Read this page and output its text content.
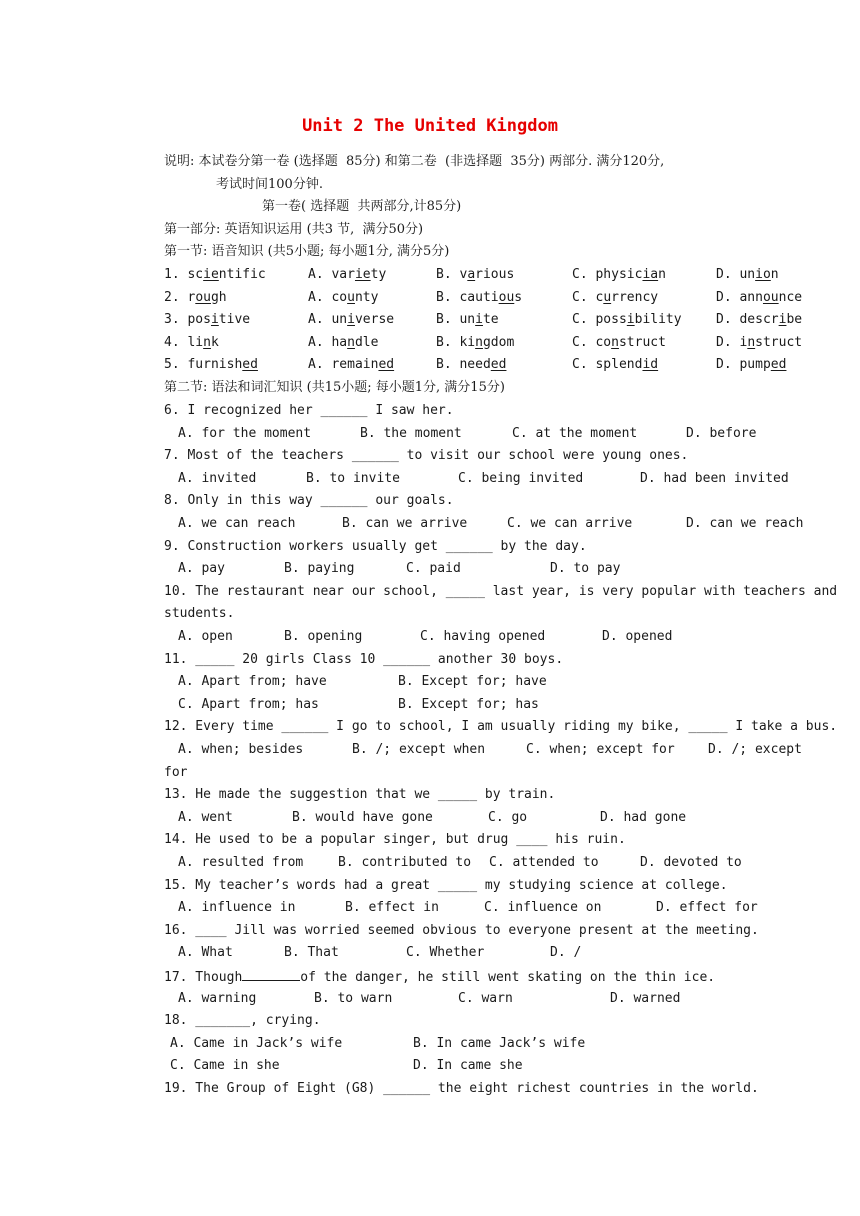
Unit 2 The United Kingdom
说明: 本试卷分第一卷 (选择题  85分) 和第二卷  (非选择题  35分) 两部分. 满分120分,
考试时间100分钟.
第一卷( 选择题  共两部分,计85分)
第一部分: 英语知识运用 (共3 节,  满分50分)
第一节: 语音知识 (共5小题; 每小题1分, 满分5分)
1. scientific	A. variety	B. various	C. physician	D. union
2. rough	A. county	B. cautious	C. currency	D. announce
3. positive	A. universe	B. unite	C. possibility	D. describe
4. link	A. handle	B. kingdom	C. construct	D. instruct
5. furnished	A. remained	B. needed	C. splendid	D. pumped
第二节: 语法和词汇知识 (共15小题; 每小题1分, 满分15分)
6. I recognized her ______ I saw her.
A. for the moment	B. the moment	C. at the moment	D. before
7. Most of the teachers ______ to visit our school were young ones.
A. invited	B. to invite	C. being invited	D. had been invited
8. Only in this way ______ our goals.
A. we can reach	B. can we arrive	C. we can arrive	D. can we reach
9. Construction workers usually get ______ by the day.
A. pay	B. paying	C. paid	D. to pay
10. The restaurant near our school, _____ last year, is very popular with teachers and
students.
A. open	B. opening	C. having opened	D. opened
11. _____ 20 girls Class 10 ______ another 30 boys.
A. Apart from; have	B. Except for; have
C. Apart from; has	B. Except for; has
12. Every time ______ I go to school, I am usually riding my bike, _____ I take a bus.
A. when; besides	B. /; except when	C. when; except for	D. /; except
for
13. He made the suggestion that we _____ by train.
A. went	B. would have gone	C. go	D. had gone
14. He used to be a popular singer, but drug ____ his ruin.
A. resulted from	B. contributed to C. attended to	D. devoted to
15. My teacher’s words had a great _____ my studying science at college.
A. influence in	B. effect in	C. influence on	D. effect for
16. ____ Jill was worried seemed obvious to everyone present at the meeting.
A. What	B. That	C. Whether	D. /
17. Though	of the danger, he still went skating on the thin ice.
A. warning	B. to warn	C. warn	D. warned
18. _______, crying.
A. Came in Jack’s wife	B. In came Jack’s wife
C. Came in she	D. In came she
19. The Group of Eight (G8) ______ the eight richest countries in the world.
